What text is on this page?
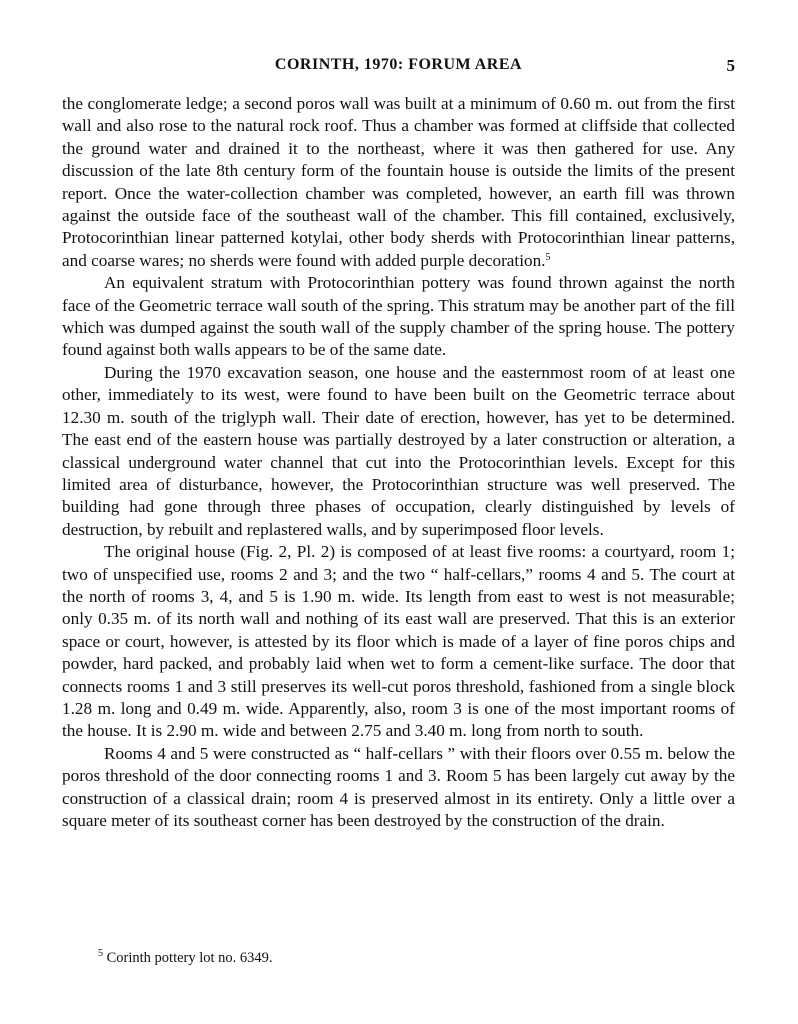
CORINTH, 1970: FORUM AREA	5

the conglomerate ledge; a second poros wall was built at a minimum of 0.60 m. out from the first wall and also rose to the natural rock roof. Thus a chamber was formed at cliffside that collected the ground water and drained it to the northeast, where it was then gathered for use. Any discussion of the late 8th century form of the fountain house is outside the limits of the present report. Once the water-collection chamber was completed, however, an earth fill was thrown against the outside face of the southeast wall of the chamber. This fill contained, exclusively, Protocorinthian linear patterned kotylai, other body sherds with Protocorinthian linear patterns, and coarse wares; no sherds were found with added purple decoration.$^5$

An equivalent stratum with Protocorinthian pottery was found thrown against the north face of the Geometric terrace wall south of the spring. This stratum may be another part of the fill which was dumped against the south wall of the supply chamber of the spring house. The pottery found against both walls appears to be of the same date.

During the 1970 excavation season, one house and the easternmost room of at least one other, immediately to its west, were found to have been built on the Geometric terrace about 12.30 m. south of the triglyph wall. Their date of erection, however, has yet to be determined. The east end of the eastern house was partially destroyed by a later construction or alteration, a classical underground water channel that cut into the Protocorinthian levels. Except for this limited area of disturbance, however, the Protocorinthian structure was well preserved. The building had gone through three phases of occupation, clearly distinguished by levels of destruction, by rebuilt and replastered walls, and by superimposed floor levels.

The original house (Fig. 2, Pl. 2) is composed of at least five rooms: a courtyard, room 1; two of unspecified use, rooms 2 and 3; and the two “ half-cellars,” rooms 4 and 5. The court at the north of rooms 3, 4, and 5 is 1.90 m. wide. Its length from east to west is not measurable; only 0.35 m. of its north wall and nothing of its east wall are preserved. That this is an exterior space or court, however, is attested by its floor which is made of a layer of fine poros chips and powder, hard packed, and probably laid when wet to form a cement-like surface. The door that connects rooms 1 and 3 still preserves its well-cut poros threshold, fashioned from a single block 1.28 m. long and 0.49 m. wide. Apparently, also, room 3 is one of the most important rooms of the house. It is 2.90 m. wide and between 2.75 and 3.40 m. long from north to south.

Rooms 4 and 5 were constructed as “ half-cellars ” with their floors over 0.55 m. below the poros threshold of the door connecting rooms 1 and 3. Room 5 has been largely cut away by the construction of a classical drain; room 4 is preserved almost in its entirety. Only a little over a square meter of its southeast corner has been destroyed by the construction of the drain.

$^5$ Corinth pottery lot no. 6349.
